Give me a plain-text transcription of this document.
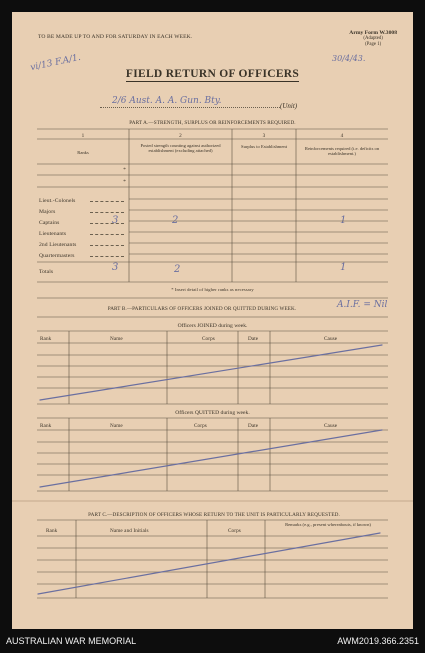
TO BE MADE UP TO AND FOR SATURDAY IN EACH WEEK.
Army Form W.3008
(Adapted)
(Page 1)
vi/13 F.A/1.	30/4/43.
FIELD RETURN OF OFFICERS
2/6 Aust. A. A. Gun. Bty.	(Unit)
PART A.—STRENGTH, SURPLUS OR REINFORCEMENTS REQUIRED.
1	2	3	4
Ranks
Posted strength counting against authorized establishment (excluding attached)
Surplus to Establishment	Reinforcements required (i.e. deficits on establishment.)
*
*
Lieut.-Colonels
Majors
Captains	3	2	1
Lieutenants
2nd Lieutenants
Quartermasters
Totals	3	2	1
* Insert detail of higher ranks as necessary
PART B.—PARTICULARS OF OFFICERS JOINED OR QUITTED DURING WEEK.	A.I.F. = Nil
Officers JOINED during week.
Rank	Name	Corps	Date	Cause
Officers QUITTED during week.
Rank	Name	Corps	Date	Cause
PART C.—DESCRIPTION OF OFFICERS WHOSE RETURN TO THE UNIT IS PARTICULARLY REQUESTED.
Rank	Name and Initials	Corps
Remarks (e.g., present whereabouts, if known)
AUSTRALIAN WAR MEMORIAL	AWM2019.366.2351
